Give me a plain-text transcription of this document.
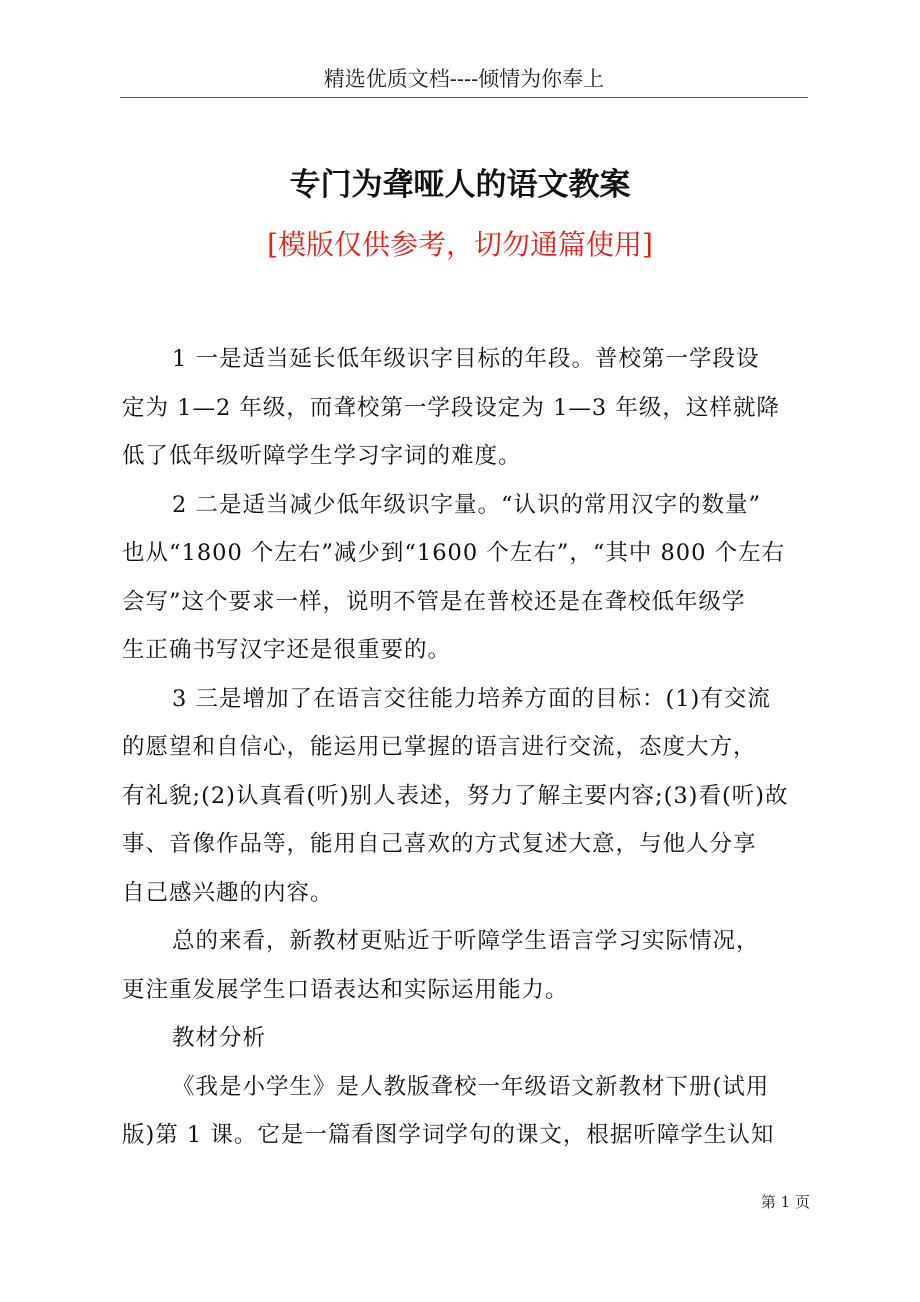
精选优质文档----倾情为你奉上
专门为聋哑人的语文教案
[模版仅供参考，切勿通篇使用]
1 一是适当延长低年级识字目标的年段。普校第一学段设
定为 1—2 年级，而聋校第一学段设定为 1—3 年级，这样就降
低了低年级听障学生学习字词的难度。
2 二是适当减少低年级识字量。“认识的常用汉字的数量”
也从“1800 个左右”减少到“1600 个左右”，“其中 800 个左右
会写”这个要求一样，说明不管是在普校还是在聋校低年级学
生正确书写汉字还是很重要的。
3 三是增加了在语言交往能力培养方面的目标：(1)有交流
的愿望和自信心，能运用已掌握的语言进行交流，态度大方，
有礼貌;(2)认真看(听)别人表述，努力了解主要内容;(3)看(听)故
事、音像作品等，能用自己喜欢的方式复述大意，与他人分享
自己感兴趣的内容。
总的来看，新教材更贴近于听障学生语言学习实际情况，
更注重发展学生口语表达和实际运用能力。
教材分析
《我是小学生》是人教版聋校一年级语文新教材下册(试用
版)第 1 课。它是一篇看图学词学句的课文，根据听障学生认知
第 1 页
